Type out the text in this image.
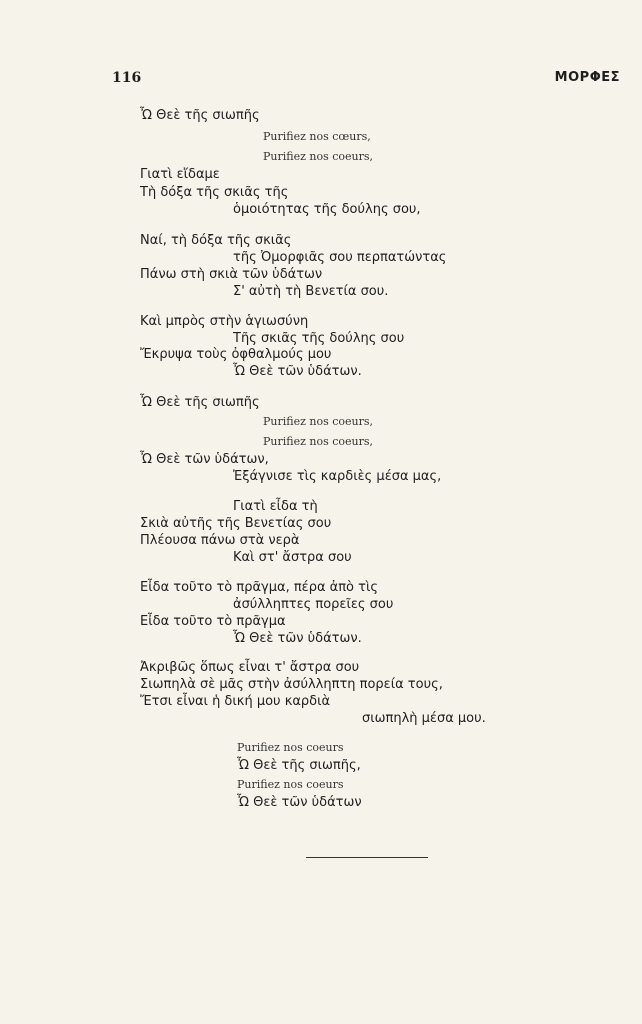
116	ΜΟΡΦΕΣ
Ὦ Θεὲ τῆς σιωπῆς
Purifiez nos cœurs,
Purifiez nos coeurs,
Γιατὶ εἴδαμε
Τὴ δόξα τῆς σκιᾶς τῆς
ὁμοιότητας τῆς δούλης σου,
Ναί, τὴ δόξα τῆς σκιᾶς
τῆς Ὀμορφιᾶς σου περπατώντας
Πάνω στὴ σκιὰ τῶν ὑδάτων
Σ' αὐτὴ τὴ Βενετία σου.
Καὶ μπρὸς στὴν ἁγιωσύνη
Τῆς σκιᾶς τῆς δούλης σου
Ἔκρυψα τοὺς ὀφθαλμούς μου
Ὦ Θεὲ τῶν ὑδάτων.
Ὦ Θεὲ τῆς σιωπῆς
Purifiez nos coeurs,
Purifiez nos coeurs,
Ὦ Θεὲ τῶν ὑδάτων,
Ἐξάγνισε τὶς καρδιὲς μέσα μας,
Γιατὶ εἶδα τὴ
Σκιὰ αὐτῆς τῆς Βενετίας σου
Πλέουσα πάνω στὰ νερὰ
Καὶ στ' ἄστρα σου
Εἶδα τοῦτο τὸ πρᾶγμα, πέρα ἀπὸ τὶς
ἀσύλληπτες πορεῖες σου
Εἶδα τοῦτο τὸ πρᾶγμα
Ὦ Θεὲ τῶν ὑδάτων.
Ἀκριβῶς ὅπως εἶναι τ' ἄστρα σου
Σιωπηλὰ σὲ μᾶς στὴν ἀσύλληπτη πορεία τους,
Ἔτσι εἶναι ἡ δική μου καρδιὰ
σιωπηλὴ μέσα μου.
Purifiez nos coeurs
Ὦ Θεὲ τῆς σιωπῆς,
Purifiez nos coeurs
Ὦ Θεὲ τῶν ὑδάτων
